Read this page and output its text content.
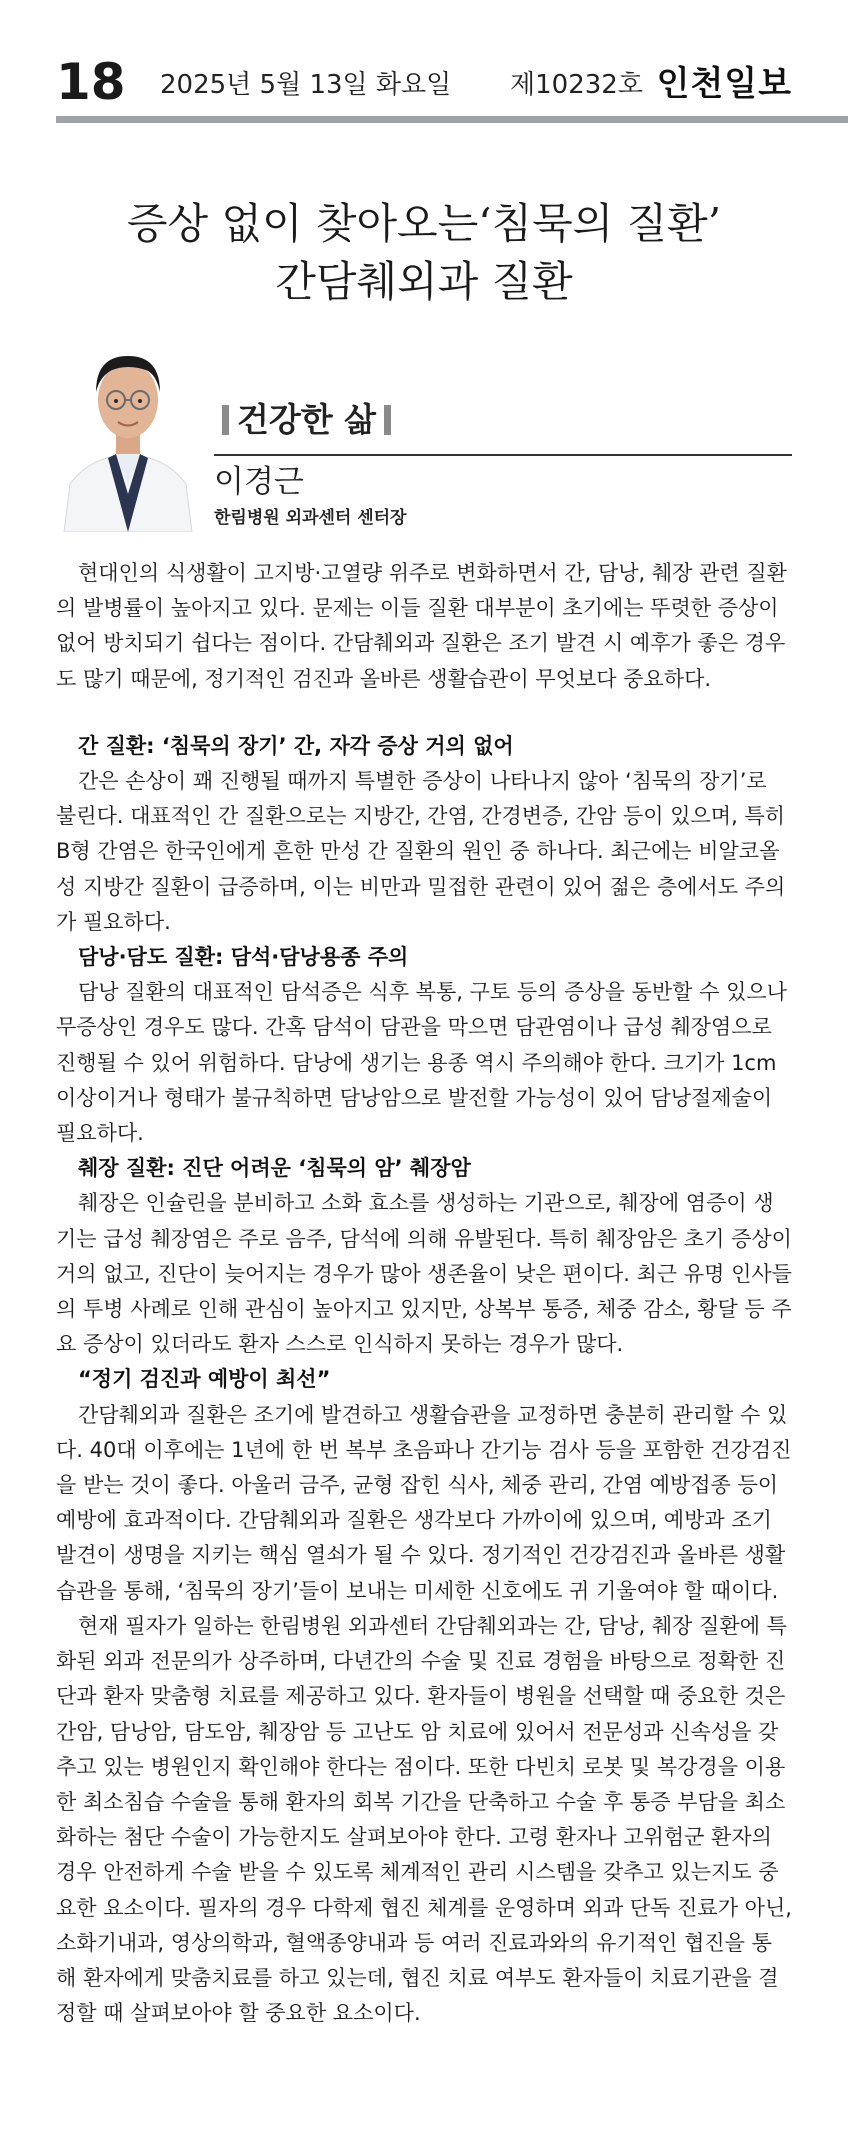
18 2025년 5월 13일 화요일 제10232호 인천일보
증상 없이 찾아오는‘침묵의 질환’
간담췌외과 질환
건강한 삶
이경근
한림병원 외과센터 센터장

현대인의 식생활이 고지방·고열량 위주로 변화하면서 간, 담낭, 췌장 관련 질환의 발병률이 높아지고 있다. 문제는 이들 질환 대부분이 초기에는 뚜렷한 증상이 없어 방치되기 쉽다는 점이다. 간담췌외과 질환은 조기 발견 시 예후가 좋은 경우도 많기 때문에, 정기적인 검진과 올바른 생활습관이 무엇보다 중요하다.

간 질환: ‘침묵의 장기’ 간, 자각 증상 거의 없어

간은 손상이 꽤 진행될 때까지 특별한 증상이 나타나지 않아 ‘침묵의 장기’로 불린다. 대표적인 간 질환으로는 지방간, 간염, 간경변증, 간암 등이 있으며, 특히 B형 간염은 한국인에게 흔한 만성 간 질환의 원인 중 하나다. 최근에는 비알코올성 지방간 질환이 급증하며, 이는 비만과 밀접한 관련이 있어 젊은 층에서도 주의가 필요하다.

담낭·담도 질환: 담석·담낭용종 주의

담낭 질환의 대표적인 담석증은 식후 복통, 구토 등의 증상을 동반할 수 있으나 무증상인 경우도 많다. 간혹 담석이 담관을 막으면 담관염이나 급성 췌장염으로 진행될 수 있어 위험하다. 담낭에 생기는 용종 역시 주의해야 한다. 크기가 1cm 이상이거나 형태가 불규칙하면 담낭암으로 발전할 가능성이 있어 담낭절제술이 필요하다.

췌장 질환: 진단 어려운 ‘침묵의 암’ 췌장암

췌장은 인슐린을 분비하고 소화 효소를 생성하는 기관으로, 췌장에 염증이 생기는 급성 췌장염은 주로 음주, 담석에 의해 유발된다. 특히 췌장암은 초기 증상이 거의 없고, 진단이 늦어지는 경우가 많아 생존율이 낮은 편이다. 최근 유명 인사들의 투병 사례로 인해 관심이 높아지고 있지만, 상복부 통증, 체중 감소, 황달 등 주요 증상이 있더라도 환자 스스로 인식하지 못하는 경우가 많다.

“정기 검진과 예방이 최선”

간담췌외과 질환은 조기에 발견하고 생활습관을 교정하면 충분히 관리할 수 있다. 40대 이후에는 1년에 한 번 복부 초음파나 간기능 검사 등을 포함한 건강검진을 받는 것이 좋다. 아울러 금주, 균형 잡힌 식사, 체중 관리, 간염 예방접종 등이 예방에 효과적이다. 간담췌외과 질환은 생각보다 가까이에 있으며, 예방과 조기 발견이 생명을 지키는 핵심 열쇠가 될 수 있다. 정기적인 건강검진과 올바른 생활습관을 통해, ‘침묵의 장기’들이 보내는 미세한 신호에도 귀 기울여야 할 때이다.

현재 필자가 일하는 한림병원 외과센터 간담췌외과는 간, 담낭, 췌장 질환에 특화된 외과 전문의가 상주하며, 다년간의 수술 및 진료 경험을 바탕으로 정확한 진단과 환자 맞춤형 치료를 제공하고 있다. 환자들이 병원을 선택할 때 중요한 것은 간암, 담낭암, 담도암, 췌장암 등 고난도 암 치료에 있어서 전문성과 신속성을 갖추고 있는 병원인지 확인해야 한다는 점이다. 또한 다빈치 로봇 및 복강경을 이용한 최소침습 수술을 통해 환자의 회복 기간을 단축하고 수술 후 통증 부담을 최소화하는 첨단 수술이 가능한지도 살펴보아야 한다. 고령 환자나 고위험군 환자의 경우 안전하게 수술 받을 수 있도록 체계적인 관리 시스템을 갖추고 있는지도 중요한 요소이다. 필자의 경우 다학제 협진 체계를 운영하며 외과 단독 진료가 아닌, 소화기내과, 영상의학과, 혈액종양내과 등 여러 진료과와의 유기적인 협진을 통해 환자에게 맞춤치료를 하고 있는데, 협진 치료 여부도 환자들이 치료기관을 결정할 때 살펴보아야 할 중요한 요소이다.
